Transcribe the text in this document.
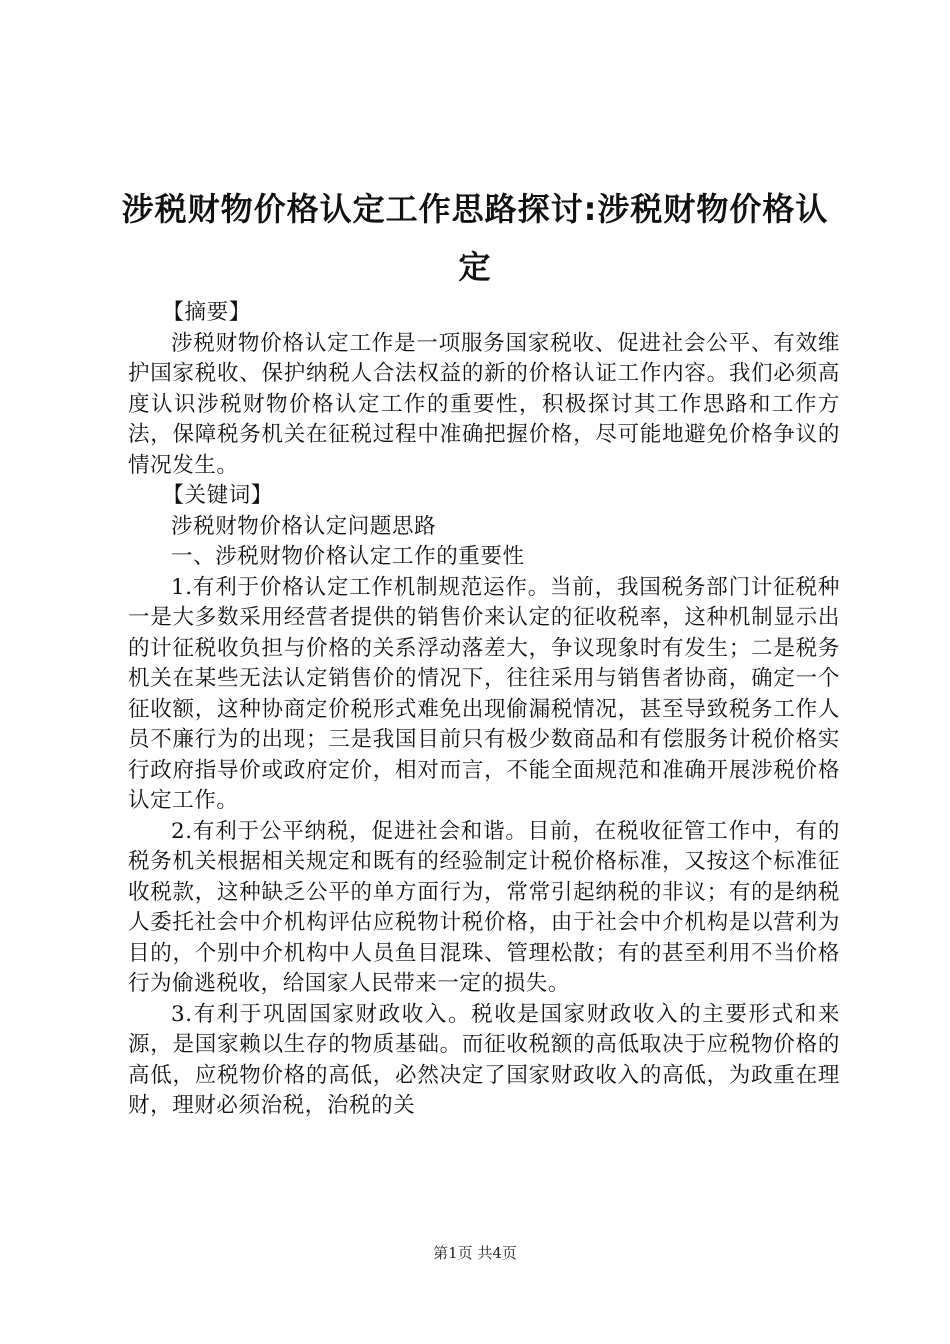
涉税财物价格认定工作思路探讨:涉税财物价格认定

【摘要】

涉税财物价格认定工作是一项服务国家税收、促进社会公平、有效维护国家税收、保护纳税人合法权益的新的价格认证工作内容。我们必须高度认识涉税财物价格认定工作的重要性，积极探讨其工作思路和工作方法，保障税务机关在征税过程中准确把握价格，尽可能地避免价格争议的情况发生。

【关键词】

涉税财物价格认定问题思路

一、涉税财物价格认定工作的重要性

1.有利于价格认定工作机制规范运作。当前，我国税务部门计征税种一是大多数采用经营者提供的销售价来认定的征收税率，这种机制显示出的计征税收负担与价格的关系浮动落差大，争议现象时有发生；二是税务机关在某些无法认定销售价的情况下，往往采用与销售者协商，确定一个征收额，这种协商定价税形式难免出现偷漏税情况，甚至导致税务工作人员不廉行为的出现；三是我国目前只有极少数商品和有偿服务计税价格实行政府指导价或政府定价，相对而言，不能全面规范和准确开展涉税价格认定工作。

2.有利于公平纳税，促进社会和谐。目前，在税收征管工作中，有的税务机关根据相关规定和既有的经验制定计税价格标准，又按这个标准征收税款，这种缺乏公平的单方面行为，常常引起纳税的非议；有的是纳税人委托社会中介机构评估应税物计税价格，由于社会中介机构是以营利为目的，个别中介机构中人员鱼目混珠、管理松散；有的甚至利用不当价格行为偷逃税收，给国家人民带来一定的损失。

3.有利于巩固国家财政收入。税收是国家财政收入的主要形式和来源，是国家赖以生存的物质基础。而征收税额的高低取决于应税物价格的高低，应税物价格的高低，必然决定了国家财政收入的高低，为政重在理财，理财必须治税，治税的关

第1页 共4页
